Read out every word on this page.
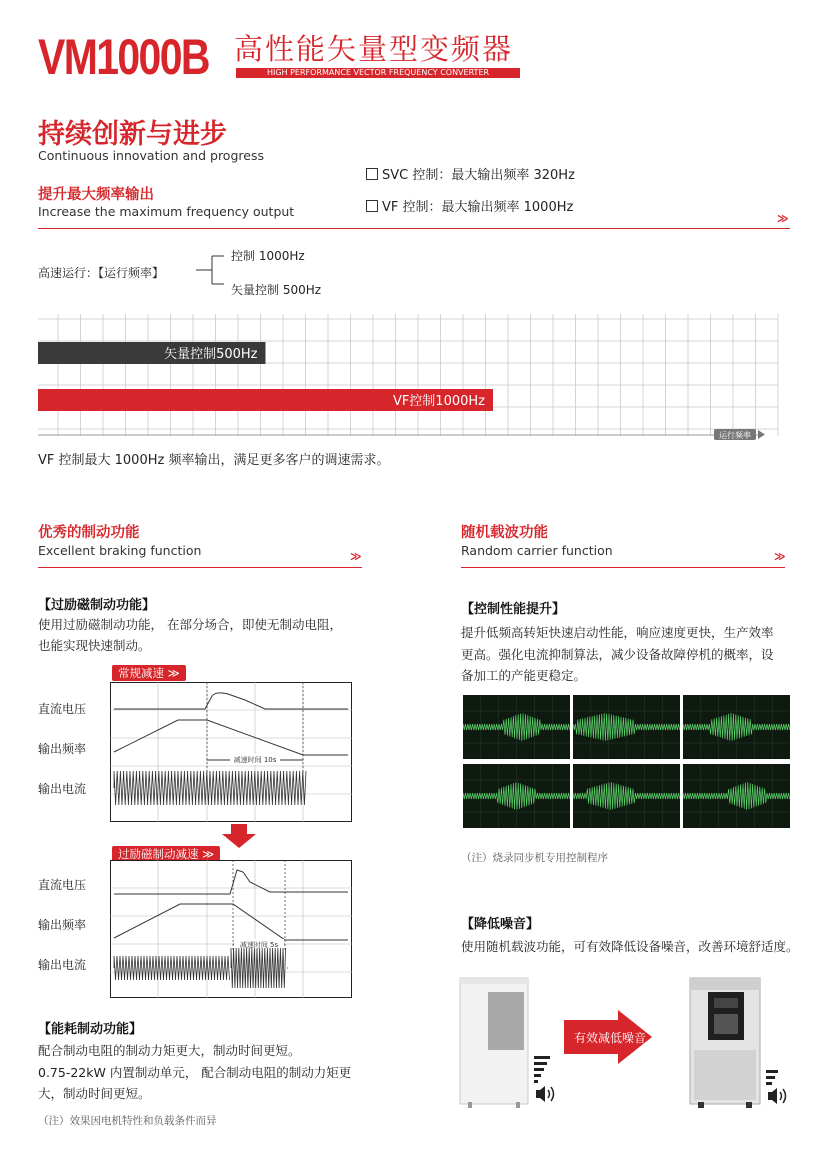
VM1000B 高性能矢量型变频器
HIGH PERFORMANCE VECTOR FREQUENCY CONVERTER
持续创新与进步
Continuous innovation and progress
SVC 控制：最大输出频率 320Hz
VF 控制：最大输出频率 1000Hz
提升最大频率输出
Increase the maximum frequency output	≫
高速运行：【运行频率】
控制 1000Hz
矢量控制 500Hz
矢量控制500Hz
VF控制1000Hz
运行频率
VF 控制最大 1000Hz 频率输出，满足更多客户的调速需求。
优秀的制动功能
Excellent braking function	≫
【过励磁制动功能】
使用过励磁制动功能， 在部分场合，即使无制动电阻，
也能实现快速制动。
常规减速 ≫
直流电压
输出频率
输出电流
减速时间 10s
过励磁制动减速 ≫
直流电压
输出频率
输出电流
减速时间 5s
【能耗制动功能】
配合制动电阻的制动力矩更大，制动时间更短。
0.75-22kW 内置制动单元， 配合制动电阻的制动力矩更
大，制动时间更短。
（注）效果因电机特性和负载条件而异
随机载波功能
Random carrier function	≫
【控制性能提升】
提升低频高转矩快速启动性能，响应速度更快，生产效率
更高。强化电流抑制算法，减少设备故障停机的概率，设
备加工的产能更稳定。
（注）烧录同步机专用控制程序
【降低噪音】
使用随机载波功能，可有效降低设备噪音，改善环境舒适度。
有效减低噪音
